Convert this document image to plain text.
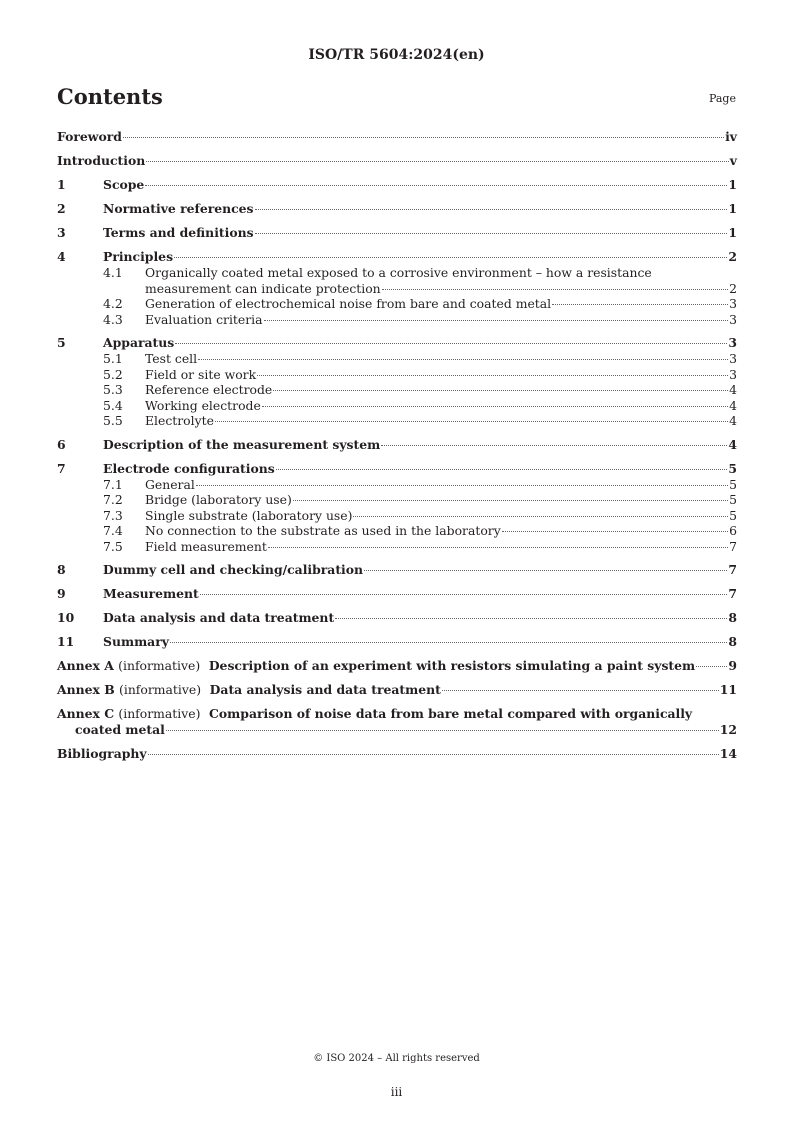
ISO/TR 5604:2024(en)
Contents	Page
Foreword	iv
Introduction	v
1	Scope	1
2	Normative references	1
3	Terms and definitions	1
4	Principles	2
4.1	Organically coated metal exposed to a corrosive environment – how a resistance
measurement can indicate protection	2
4.2	Generation of electrochemical noise from bare and coated metal	3
4.3	Evaluation criteria	3
5	Apparatus	3
5.1	Test cell	3
5.2	Field or site work	3
5.3	Reference electrode	4
5.4	Working electrode	4
5.5	Electrolyte	4
6	Description of the measurement system	4
7	Electrode configurations	5
7.1	General	5
7.2	Bridge (laboratory use)	5
7.3	Single substrate (laboratory use)	5
7.4	No connection to the substrate as used in the laboratory	6
7.5	Field measurement	7
8	Dummy cell and checking/calibration	7
9	Measurement	7
10	Data analysis and data treatment	8
11	Summary	8
Annex A (informative) Description of an experiment with resistors simulating a paint system	9
Annex B (informative) Data analysis and data treatment	11
Annex C (informative) Comparison of noise data from bare metal compared with organically
coated metal	12
Bibliography	14
© ISO 2024 – All rights reserved
iii
